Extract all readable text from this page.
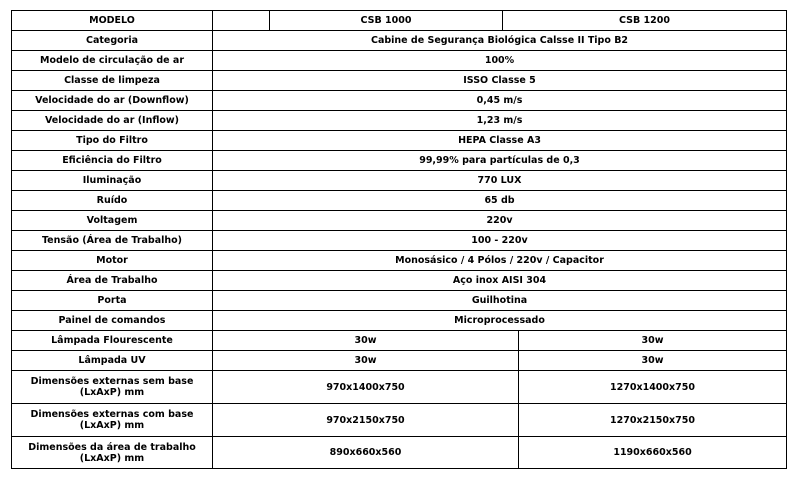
MODELO		CSB 1000	CSB 1200	
Categoria	Cabine de Segurança Biológica Calsse II Tipo B2			
Modelo de circulação de ar	100%			
Classe de limpeza	ISSO Classe 5			
Velocidade do ar (Downflow)	0,45 m/s			
Velocidade do ar (Inflow)	1,23 m/s			
Tipo do Filtro	HEPA Classe A3			
Eficiência do Filtro	99,99% para partículas de 0,3			
Iluminação	770 LUX			
Ruído	65 db			
Voltagem	220v			
Tensão (Área de Trabalho)	100 - 220v			
Motor	Monosásico / 4 Pólos / 220v / Capacitor			
Área de Trabalho	Aço inox AISI 304			
Porta	Guilhotina			
Painel de comandos	Microprocessado			
Lâmpada Flourescente	30w			30w
Lâmpada UV	30w			30w
Dimensões externas sem base (LxAxP) mm	970x1400x750			1270x1400x750
Dimensões externas com base (LxAxP) mm	970x2150x750			1270x2150x750
Dimensões da área de trabalho (LxAxP) mm	890x660x560			1190x660x560
